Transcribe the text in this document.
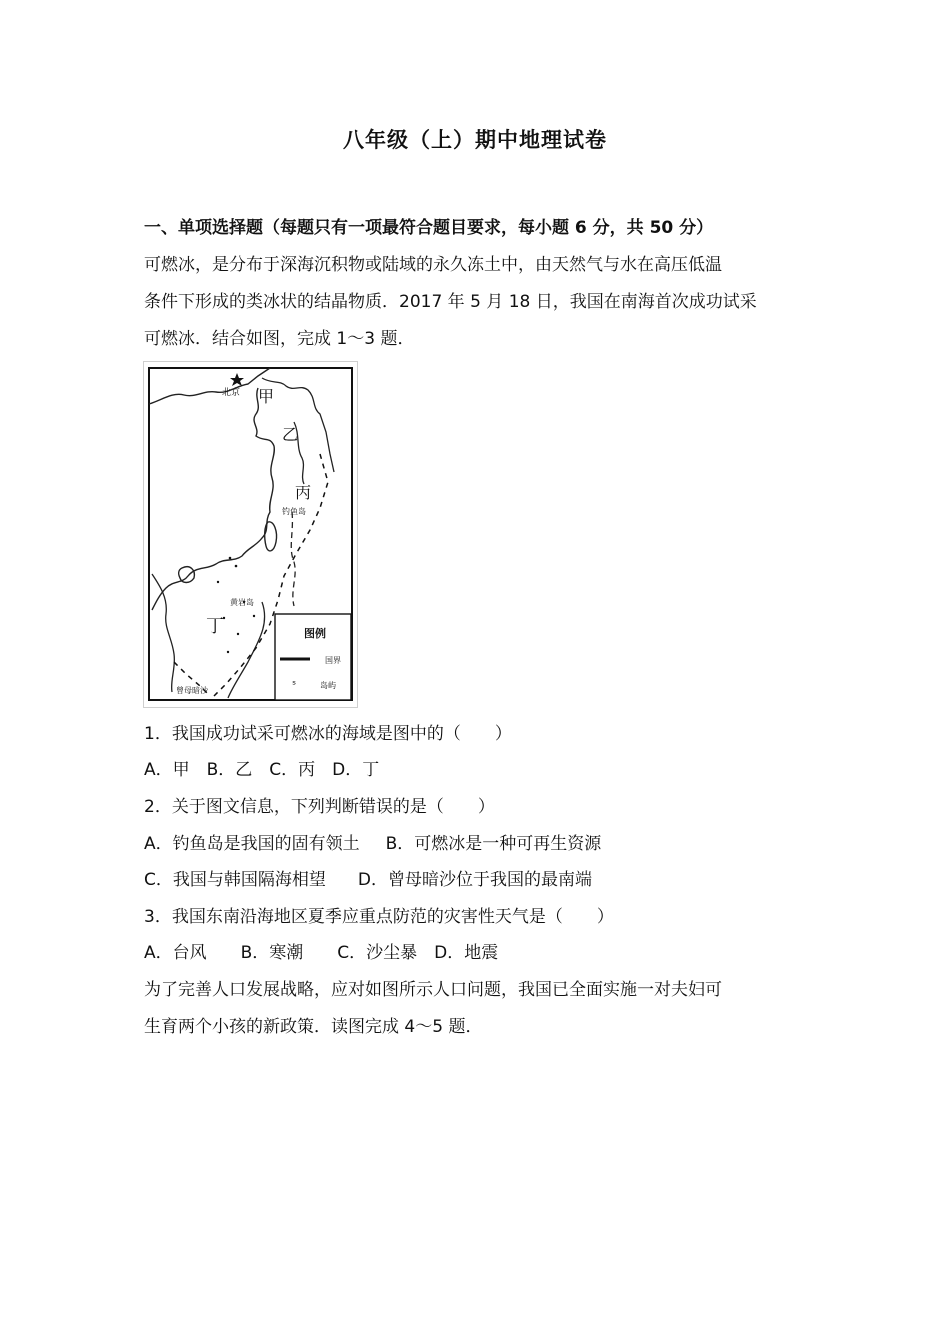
八年级（上）期中地理试卷
一、单项选择题（每题只有一项最符合题目要求，每小题 6 分，共 50 分）
可燃冰，是分布于深海沉积物或陆域的永久冻土中，由天然气与水在高压低温
条件下形成的类冰状的结晶物质．2017 年 5 月 18 日，我国在南海首次成功试采
可燃冰．结合如图，完成 1～3 题．
北京 甲
乙
丙
钓鱼岛
黄岩岛
丁
曾母暗沙
图例
国界
ˢ	岛屿
1．我国成功试采可燃冰的海域是图中的（　　）
A．甲　B．乙　C．丙　D．丁
2．关于图文信息，下列判断错误的是（　　）
A．钓鱼岛是我国的固有领土 B．可燃冰是一种可再生资源
C．我国与韩国隔海相望 D．曾母暗沙位于我国的最南端
3．我国东南沿海地区夏季应重点防范的灾害性天气是（　　）
A．台风　　B．寒潮　　C．沙尘暴　D．地震
为了完善人口发展战略，应对如图所示人口问题，我国已全面实施一对夫妇可
生育两个小孩的新政策．读图完成 4～5 题．
